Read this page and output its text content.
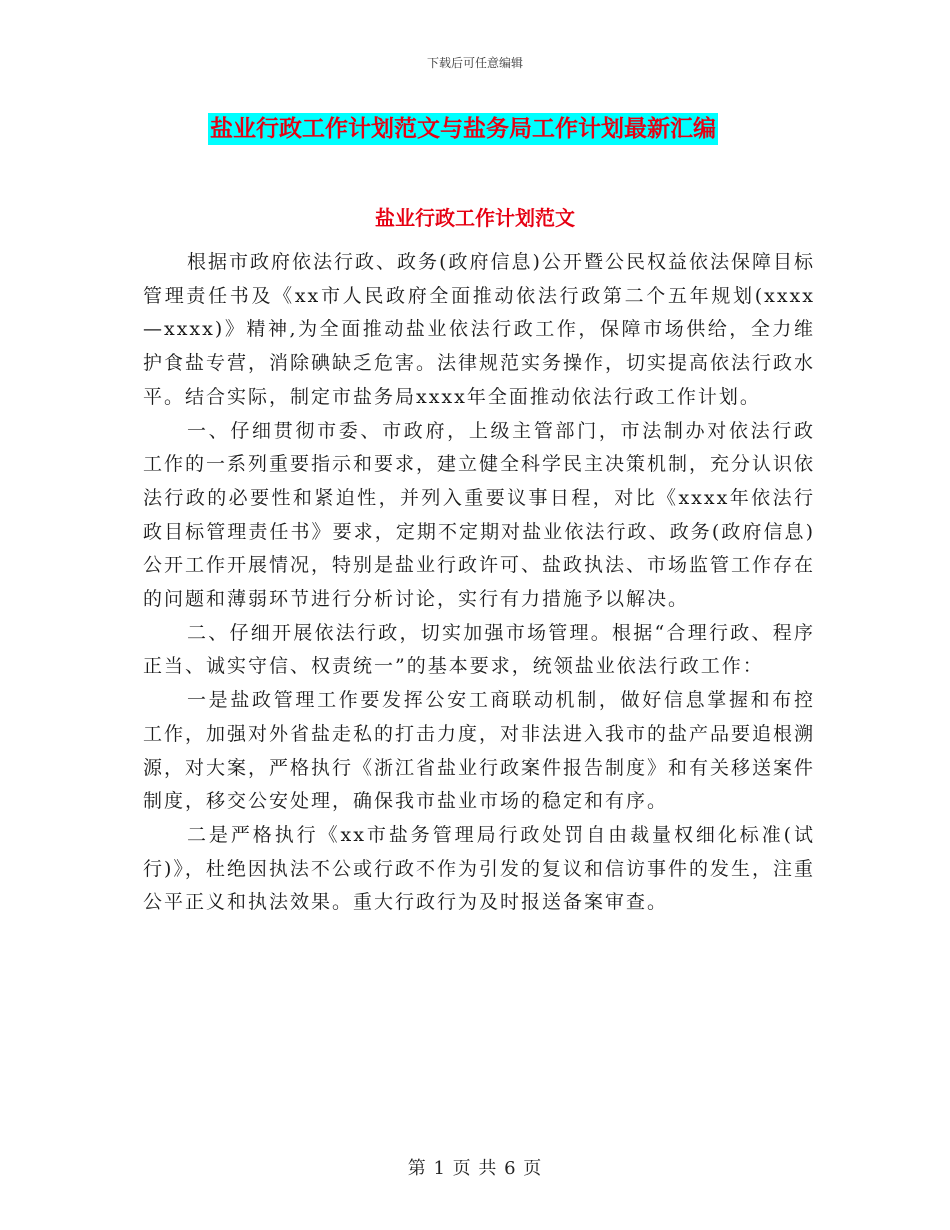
下载后可任意编辑
盐业行政工作计划范文与盐务局工作计划最新汇编
盐业行政工作计划范文

根据市政府依法行政、政务(政府信息)公开暨公民权益依法保障目标管理责任书及《xx市人民政府全面推动依法行政第二个五年规划(xxxx—xxxx)》精神,为全面推动盐业依法行政工作，保障市场供给，全力维护食盐专营，消除碘缺乏危害。法律规范实务操作，切实提高依法行政水平。结合实际，制定市盐务局xxxx年全面推动依法行政工作计划。

一、仔细贯彻市委、市政府，上级主管部门，市法制办对依法行政工作的一系列重要指示和要求，建立健全科学民主决策机制，充分认识依法行政的必要性和紧迫性，并列入重要议事日程，对比《xxxx年依法行政目标管理责任书》要求，定期不定期对盐业依法行政、政务(政府信息)公开工作开展情况，特别是盐业行政许可、盐政执法、市场监管工作存在的问题和薄弱环节进行分析讨论，实行有力措施予以解决。

二、仔细开展依法行政，切实加强市场管理。根据“合理行政、程序正当、诚实守信、权责统一”的基本要求，统领盐业依法行政工作：

一是盐政管理工作要发挥公安工商联动机制，做好信息掌握和布控工作，加强对外省盐走私的打击力度，对非法进入我市的盐产品要追根溯源，对大案，严格执行《浙江省盐业行政案件报告制度》和有关移送案件制度，移交公安处理，确保我市盐业市场的稳定和有序。

二是严格执行《xx市盐务管理局行政处罚自由裁量权细化标准(试行)》，杜绝因执法不公或行政不作为引发的复议和信访事件的发生，注重公平正义和执法效果。重大行政行为及时报送备案审查。

第 1 页 共 6 页
